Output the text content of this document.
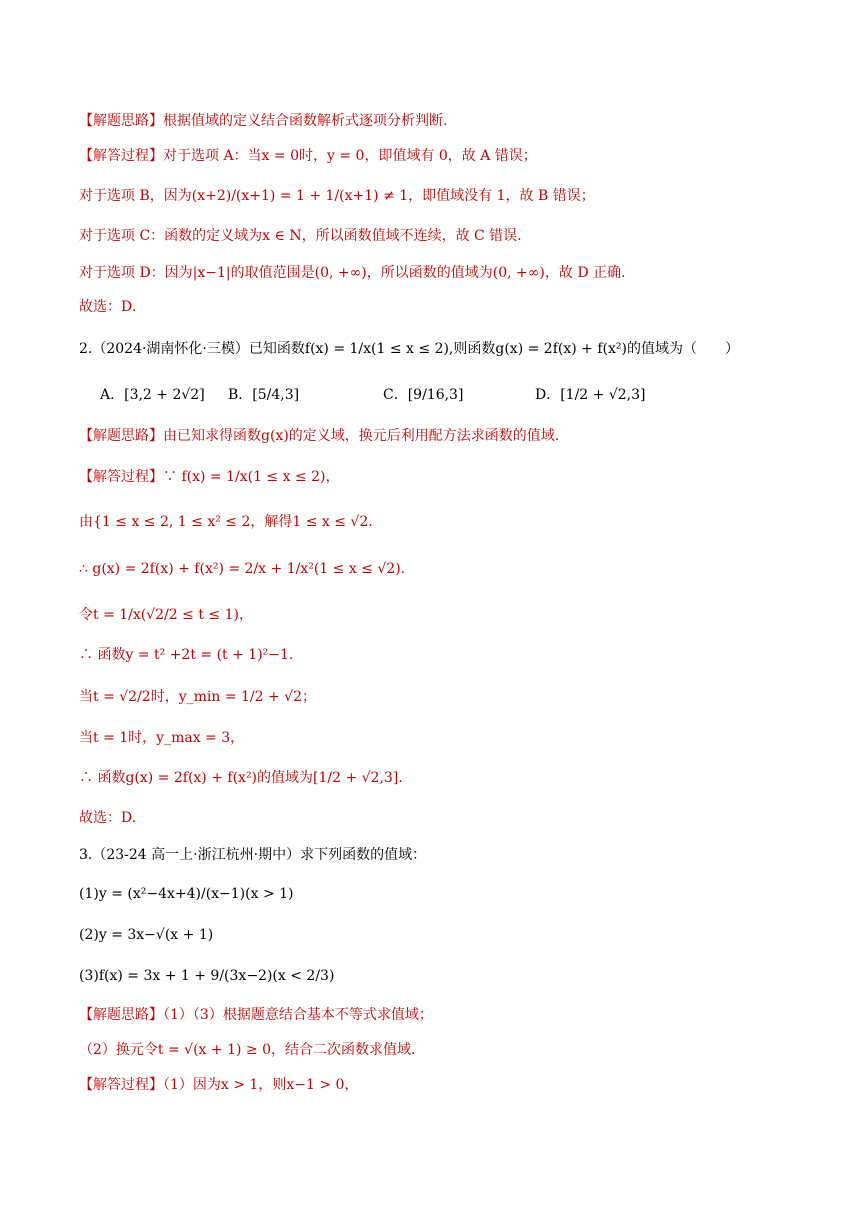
【解题思路】根据值域的定义结合函数解析式逐项分析判断.
【解答过程】对于选项 A：当x = 0时，y = 0，即值域有 0，故 A 错误；
对于选项 B，因为(x+2)/(x+1) = 1 + 1/(x+1) ≠ 1，即值域没有 1，故 B 错误；
对于选项 C：函数的定义域为x ∈ N，所以函数值域不连续，故 C 错误.
对于选项 D：因为|x−1|的取值范围是(0, +∞)，所以函数的值域为(0, +∞)，故 D 正确.
故选：D.
2.（2024·湖南怀化·三模）已知函数f(x) = 1/x(1 ≤ x ≤ 2),则函数g(x) = 2f(x) + f(x²)的值域为（　　）
A．[3,2 + 2√2] B．[5/4,3]	C．[9/16,3]	D．[1/2 + √2,3]
【解题思路】由已知求得函数g(x)的定义域，换元后利用配方法求函数的值域.
【解答过程】∵ f(x) = 1/x(1 ≤ x ≤ 2)，
由{1 ≤ x ≤ 2, 1 ≤ x² ≤ 2，解得1 ≤ x ≤ √2.
∴ g(x) = 2f(x) + f(x²) = 2/x + 1/x²(1 ≤ x ≤ √2).
令t = 1/x(√2/2 ≤ t ≤ 1)，
∴ 函数y = t² +2t = (t + 1)²−1.
当t = √2/2时，y_min = 1/2 + √2；
当t = 1时，y_max = 3，
∴ 函数g(x) = 2f(x) + f(x²)的值域为[1/2 + √2,3].
故选：D.
3.（23-24 高一上·浙江杭州·期中）求下列函数的值域：
(1)y = (x²−4x+4)/(x−1)(x > 1)
(2)y = 3x−√(x + 1)
(3)f(x) = 3x + 1 + 9/(3x−2)(x < 2/3)
【解题思路】（1）（3）根据题意结合基本不等式求值域；
（2）换元令t = √(x + 1) ≥ 0，结合二次函数求值域.
【解答过程】（1）因为x > 1，则x−1 > 0，
